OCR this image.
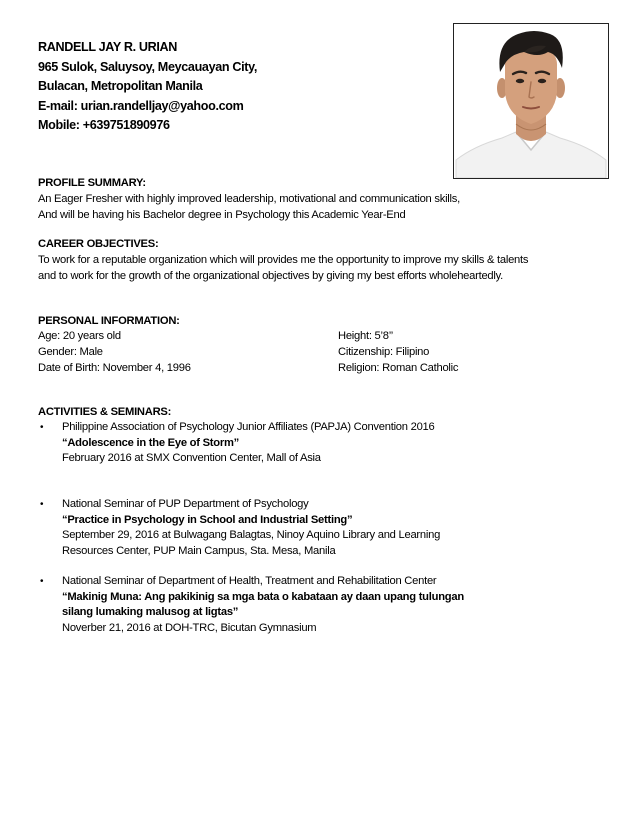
RANDELL JAY R. URIAN
965 Sulok, Saluysoy, Meycauayan City,
Bulacan, Metropolitan Manila
E-mail: urian.randelljay@yahoo.com
Mobile: +639751890976
PROFILE SUMMARY:
An Eager Fresher with highly improved leadership, motivational and communication skills,
And will be having his Bachelor degree in Psychology this Academic Year-End
CAREER OBJECTIVES:
To work for a reputable organization which will provides me the opportunity to improve my skills & talents
and to work for the growth of the organizational objectives by giving my best efforts wholeheartedly.
PERSONAL INFORMATION:
Age: 20 years old	Height: 5’8’’
Gender: Male	Citizenship: Filipino
Date of Birth: November 4, 1996	Religion: Roman Catholic
ACTIVITIES & SEMINARS:
• Philippine Association of Psychology Junior Affiliates (PAPJA) Convention 2016
“Adolescence in the Eye of Storm”
February 2016 at SMX Convention Center, Mall of Asia
• National Seminar of PUP Department of Psychology
“Practice in Psychology in School and Industrial Setting”
September 29, 2016 at Bulwagang Balagtas, Ninoy Aquino Library and Learning
Resources Center, PUP Main Campus, Sta. Mesa, Manila
• National Seminar of Department of Health, Treatment and Rehabilitation Center
“Makinig Muna: Ang pakikinig sa mga bata o kabataan ay daan upang tulungan
silang lumaking malusog at ligtas”
Noverber 21, 2016 at DOH-TRC, Bicutan Gymnasium
